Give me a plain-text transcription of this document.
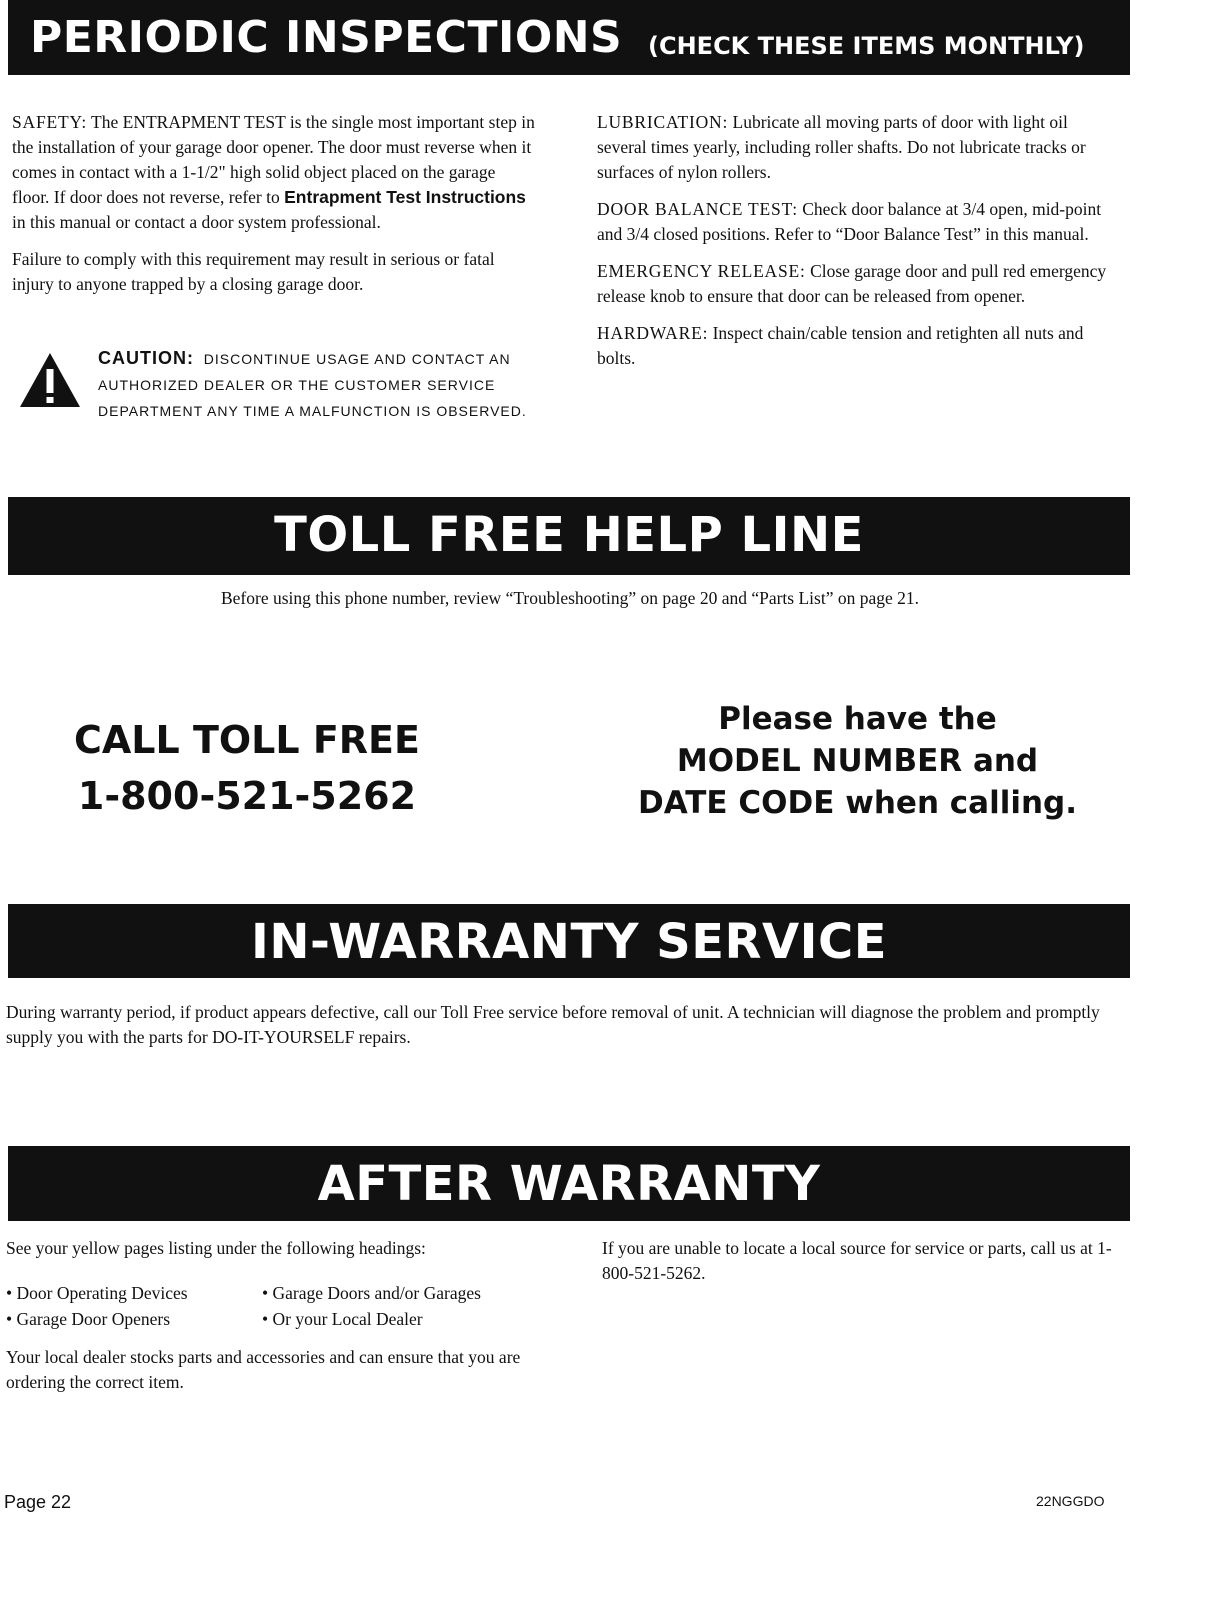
PERIODIC INSPECTIONS (CHECK THESE ITEMS MONTHLY)

SAFETY: The ENTRAPMENT TEST is the single most important step in the installation of your garage door opener. The door must reverse when it comes in contact with a 1-1/2" high solid object placed on the garage floor. If door does not reverse, refer to Entrapment Test Instructions in this manual or contact a door system professional.

Failure to comply with this requirement may result in serious or fatal injury to anyone trapped by a closing garage door.

CAUTION: DISCONTINUE USAGE AND CONTACT AN AUTHORIZED DEALER OR THE CUSTOMER SERVICE DEPARTMENT ANY TIME A MALFUNCTION IS OBSERVED.

LUBRICATION: Lubricate all moving parts of door with light oil several times yearly, including roller shafts. Do not lubricate tracks or surfaces of nylon rollers.

DOOR BALANCE TEST: Check door balance at 3/4 open, mid-point and 3/4 closed positions. Refer to “Door Balance Test” in this manual.

EMERGENCY RELEASE: Close garage door and pull red emergency release knob to ensure that door can be released from opener.

HARDWARE: Inspect chain/cable tension and retighten all nuts and bolts.

TOLL FREE HELP LINE
Before using this phone number, review “Troubleshooting” on page 20 and “Parts List” on page 21.
CALL TOLL FREE
1-800-521-5262
Please have the
MODEL NUMBER and
DATE CODE when calling.
IN-WARRANTY SERVICE
During warranty period, if product appears defective, call our Toll Free service before removal of unit. A technician will diagnose the problem and promptly supply you with the parts for DO-IT-YOURSELF repairs.
AFTER WARRANTY
See your yellow pages listing under the following headings:
• Door Operating Devices	• Garage Doors and/or Garages
• Garage Door Openers	• Or your Local Dealer
Your local dealer stocks parts and accessories and can ensure that you are ordering the correct item.
If you are unable to locate a local source for service or parts, call us at 1-800-521-5262.
Page 22	22NGGDO
